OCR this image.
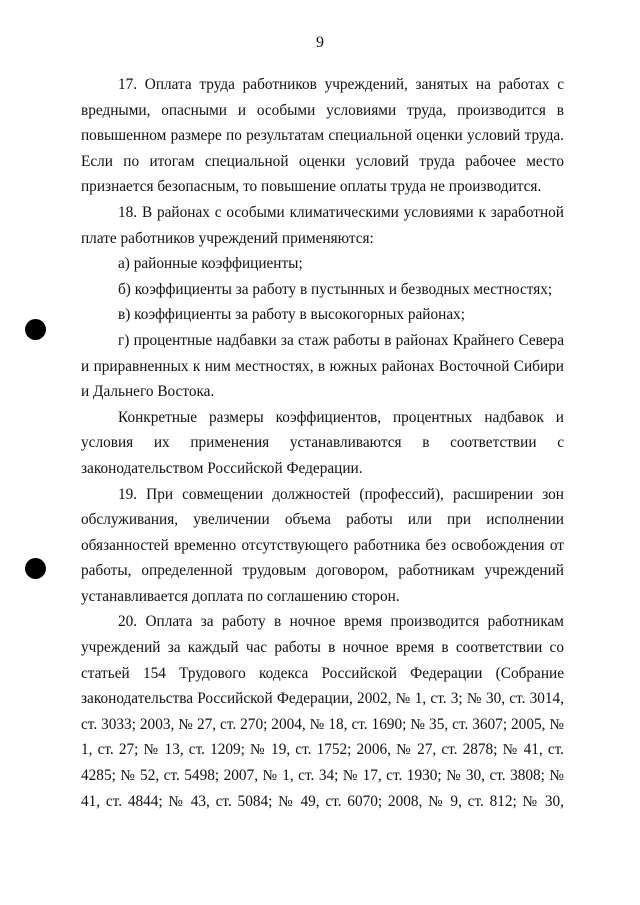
9

17. Оплата труда работников учреждений, занятых на работах с вредными, опасными и особыми условиями труда, производится в повышенном размере по результатам специальной оценки условий труда. Если по итогам специальной оценки условий труда рабочее место признается безопасным, то повышение оплаты труда не производится.

18. В районах с особыми климатическими условиями к заработной плате работников учреждений применяются:

а) районные коэффициенты;

б) коэффициенты за работу в пустынных и безводных местностях;

в) коэффициенты за работу в высокогорных районах;

г) процентные надбавки за стаж работы в районах Крайнего Севера и приравненных к ним местностях, в южных районах Восточной Сибири и Дальнего Востока.

Конкретные размеры коэффициентов, процентных надбавок и условия их применения устанавливаются в соответствии с законодательством Российской Федерации.

19. При совмещении должностей (профессий), расширении зон обслуживания, увеличении объема работы или при исполнении обязанностей временно отсутствующего работника без освобождения от работы, определенной трудовым договором, работникам учреждений устанавливается доплата по соглашению сторон.

20. Оплата за работу в ночное время производится работникам учреждений за каждый час работы в ночное время в соответствии со статьей 154 Трудового кодекса Российской Федерации (Собрание законодательства Российской Федерации, 2002, № 1, ст. 3; № 30, ст. 3014, ст. 3033; 2003, № 27, ст. 270; 2004, № 18, ст. 1690; № 35, ст. 3607; 2005, № 1, ст. 27; № 13, ст. 1209; № 19, ст. 1752; 2006, № 27, ст. 2878; № 41, ст. 4285; № 52, ст. 5498; 2007, № 1, ст. 34; № 17, ст. 1930; № 30, ст. 3808; № 41, ст. 4844; № 43, ст. 5084; № 49, ст. 6070; 2008, № 9, ст. 812; № 30,
